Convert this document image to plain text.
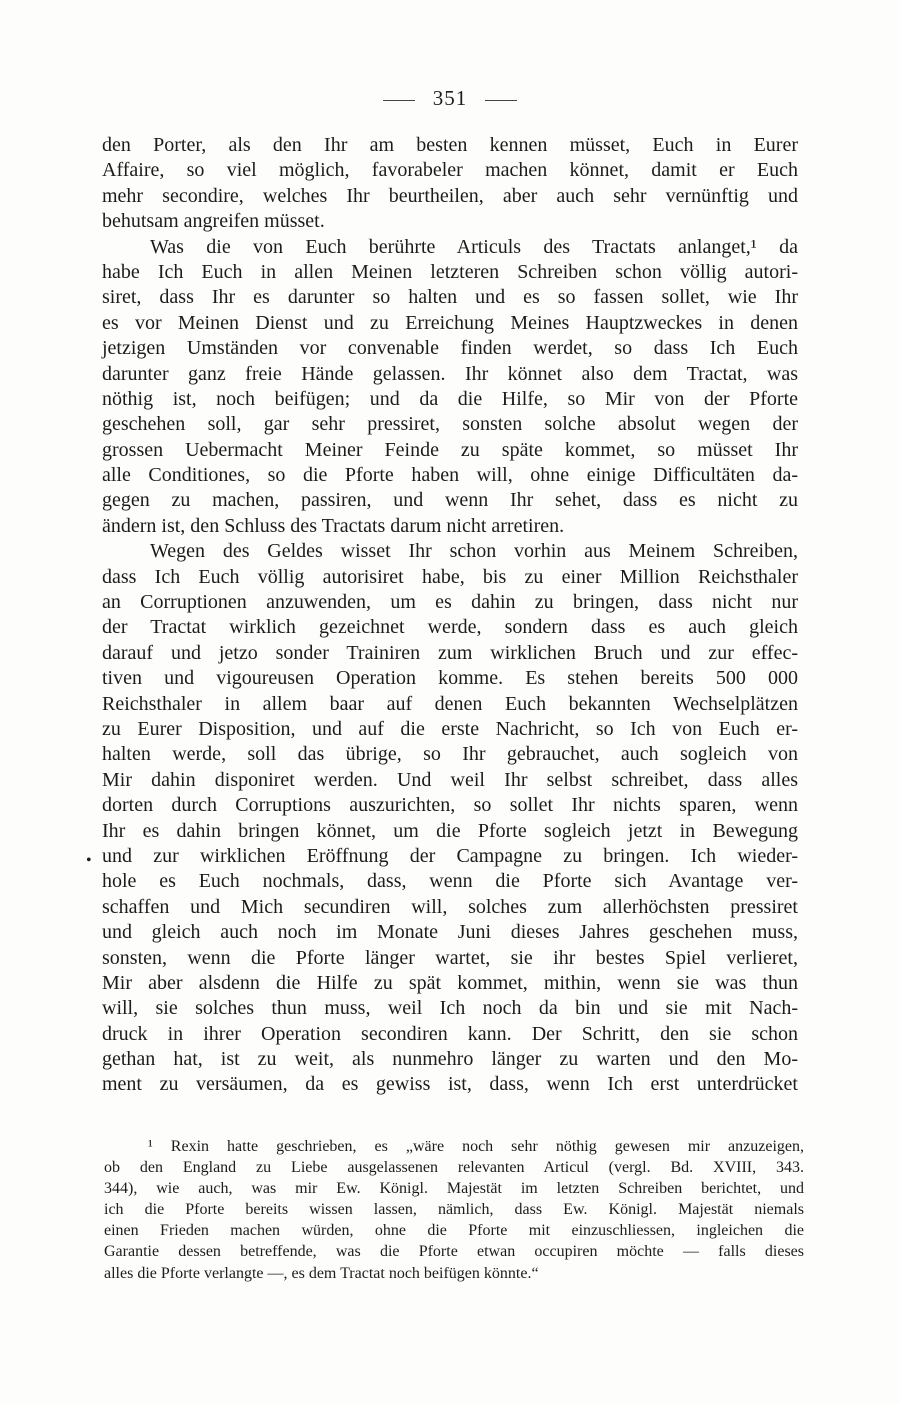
351
den Porter, als den Ihr am besten kennen müsset, Euch in Eurer
Affaire, so viel möglich, favorabeler machen könnet, damit er Euch
mehr secondire, welches Ihr beurtheilen, aber auch sehr vernünftig und
behutsam angreifen müsset.
Was die von Euch berührte Articuls des Tractats anlanget,¹ da
habe Ich Euch in allen Meinen letzteren Schreiben schon völlig autori-
siret, dass Ihr es darunter so halten und es so fassen sollet, wie Ihr
es vor Meinen Dienst und zu Erreichung Meines Hauptzweckes in denen
jetzigen Umständen vor convenable finden werdet, so dass Ich Euch
darunter ganz freie Hände gelassen. Ihr könnet also dem Tractat, was
nöthig ist, noch beifügen; und da die Hilfe, so Mir von der Pforte
geschehen soll, gar sehr pressiret, sonsten solche absolut wegen der
grossen Uebermacht Meiner Feinde zu späte kommet, so müsset Ihr
alle Conditiones, so die Pforte haben will, ohne einige Difficultäten da-
gegen zu machen, passiren, und wenn Ihr sehet, dass es nicht zu
ändern ist, den Schluss des Tractats darum nicht arretiren.
Wegen des Geldes wisset Ihr schon vorhin aus Meinem Schreiben,
dass Ich Euch völlig autorisiret habe, bis zu einer Million Reichsthaler
an Corruptionen anzuwenden, um es dahin zu bringen, dass nicht nur
der Tractat wirklich gezeichnet werde, sondern dass es auch gleich
darauf und jetzo sonder Trainiren zum wirklichen Bruch und zur effec-
tiven und vigoureusen Operation komme. Es stehen bereits 500 000
Reichsthaler in allem baar auf denen Euch bekannten Wechselplätzen
zu Eurer Disposition, und auf die erste Nachricht, so Ich von Euch er-
halten werde, soll das übrige, so Ihr gebrauchet, auch sogleich von
Mir dahin disponiret werden. Und weil Ihr selbst schreibet, dass alles
dorten durch Corruptions auszurichten, so sollet Ihr nichts sparen, wenn
Ihr es dahin bringen könnet, um die Pforte sogleich jetzt in Bewegung
und zur wirklichen Eröffnung der Campagne zu bringen. Ich wieder-
hole es Euch nochmals, dass, wenn die Pforte sich Avantage ver-
schaffen und Mich secundiren will, solches zum allerhöchsten pressiret
und gleich auch noch im Monate Juni dieses Jahres geschehen muss,
sonsten, wenn die Pforte länger wartet, sie ihr bestes Spiel verlieret,
Mir aber alsdenn die Hilfe zu spät kommet, mithin, wenn sie was thun
will, sie solches thun muss, weil Ich noch da bin und sie mit Nach-
druck in ihrer Operation secondiren kann. Der Schritt, den sie schon
gethan hat, ist zu weit, als nunmehro länger zu warten und den Mo-
ment zu versäumen, da es gewiss ist, dass, wenn Ich erst unterdrücket
•
¹ Rexin hatte geschrieben, es „wäre noch sehr nöthig gewesen mir anzuzeigen,
ob den England zu Liebe ausgelassenen relevanten Articul (vergl. Bd. XVIII, 343.
344), wie auch, was mir Ew. Königl. Majestät im letzten Schreiben berichtet, und
ich die Pforte bereits wissen lassen, nämlich, dass Ew. Königl. Majestät niemals
einen Frieden machen würden, ohne die Pforte mit einzuschliessen, ingleichen die
Garantie dessen betreffende, was die Pforte etwan occupiren möchte — falls dieses
alles die Pforte verlangte —, es dem Tractat noch beifügen könnte.“
